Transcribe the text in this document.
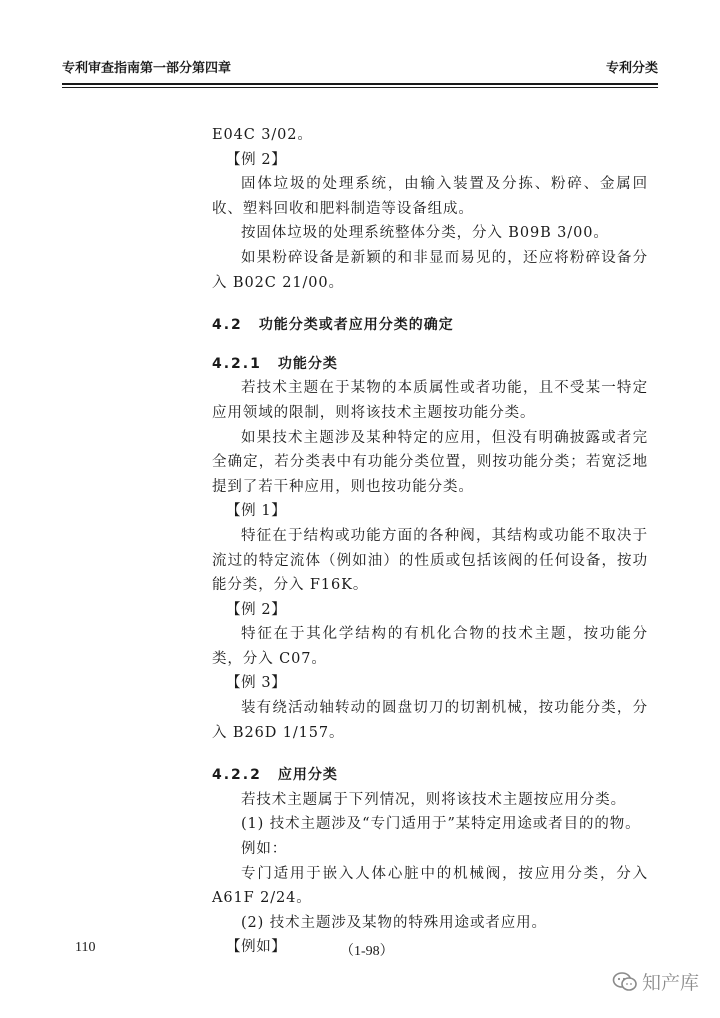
专利审查指南第一部分第四章	专利分类

E04C 3/02。

【例 2】

固体垃圾的处理系统，由输入装置及分拣、粉碎、金属回收、塑料回收和肥料制造等设备组成。

按固体垃圾的处理系统整体分类，分入 B09B 3/00。

如果粉碎设备是新颖的和非显而易见的，还应将粉碎设备分入 B02C 21/00。

4.2 功能分类或者应用分类的确定

4.2.1 功能分类

若技术主题在于某物的本质属性或者功能，且不受某一特定应用领域的限制，则将该技术主题按功能分类。

如果技术主题涉及某种特定的应用，但没有明确披露或者完全确定，若分类表中有功能分类位置，则按功能分类；若宽泛地提到了若干种应用，则也按功能分类。

【例 1】

特征在于结构或功能方面的各种阀，其结构或功能不取决于流过的特定流体（例如油）的性质或包括该阀的任何设备，按功能分类，分入 F16K。

【例 2】

特征在于其化学结构的有机化合物的技术主题，按功能分类，分入 C07。

【例 3】

装有绕活动轴转动的圆盘切刀的切割机械，按功能分类，分入 B26D 1/157。

4.2.2 应用分类

若技术主题属于下列情况，则将该技术主题按应用分类。

(1) 技术主题涉及“专门适用于”某特定用途或者目的的物。

例如：

专门适用于嵌入人体心脏中的机械阀，按应用分类，分入 A61F 2/24。

(2) 技术主题涉及某物的特殊用途或者应用。

【例如】

110	（1-98）
知产库
